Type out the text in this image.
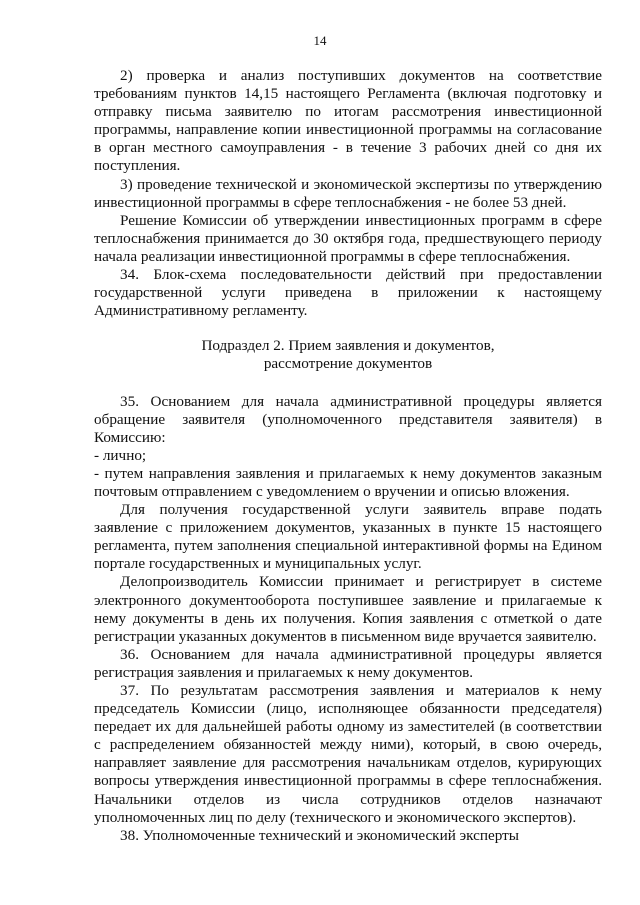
14

2) проверка и анализ поступивших документов на соответствие требованиям пунктов 14,15 настоящего Регламента (включая подготовку и отправку письма заявителю по итогам рассмотрения инвестиционной программы, направление копии инвестиционной программы на согласование в орган местного самоуправления - в течение 3 рабочих дней со дня их поступления.

3) проведение технической и экономической экспертизы по утверждению инвестиционной программы в сфере теплоснабжения - не более 53 дней.

Решение Комиссии об утверждении инвестиционных программ в сфере теплоснабжения принимается до 30 октября года, предшествующего периоду начала реализации инвестиционной программы в сфере теплоснабжения.

34. Блок-схема последовательности действий при предоставлении государственной услуги приведена в приложении к настоящему Административному регламенту.

Подраздел 2. Прием заявления и документов,

рассмотрение документов

35. Основанием для начала административной процедуры является обращение заявителя (уполномоченного представителя заявителя) в Комиссию:

- лично;

- путем направления заявления и прилагаемых к нему документов заказным почтовым отправлением с уведомлением о вручении и описью вложения.

Для получения государственной услуги заявитель вправе подать заявление с приложением документов, указанных в пункте 15 настоящего регламента, путем заполнения специальной интерактивной формы на Едином портале государственных и муниципальных услуг.

Делопроизводитель Комиссии принимает и регистрирует в системе электронного документооборота поступившее заявление и прилагаемые к нему документы в день их получения. Копия заявления с отметкой о дате регистрации указанных документов в письменном виде вручается заявителю.

36. Основанием для начала административной процедуры является регистрация заявления и прилагаемых к нему документов.

37. По результатам рассмотрения заявления и материалов к нему председатель Комиссии (лицо, исполняющее обязанности председателя) передает их для дальнейшей работы одному из заместителей (в соответствии с распределением обязанностей между ними), который, в свою очередь, направляет заявление для рассмотрения начальникам отделов, курирующих вопросы утверждения инвестиционной программы в сфере теплоснабжения. Начальники отделов из числа сотрудников отделов назначают уполномоченных лиц по делу (технического и экономического экспертов).

38. Уполномоченные технический и экономический эксперты
